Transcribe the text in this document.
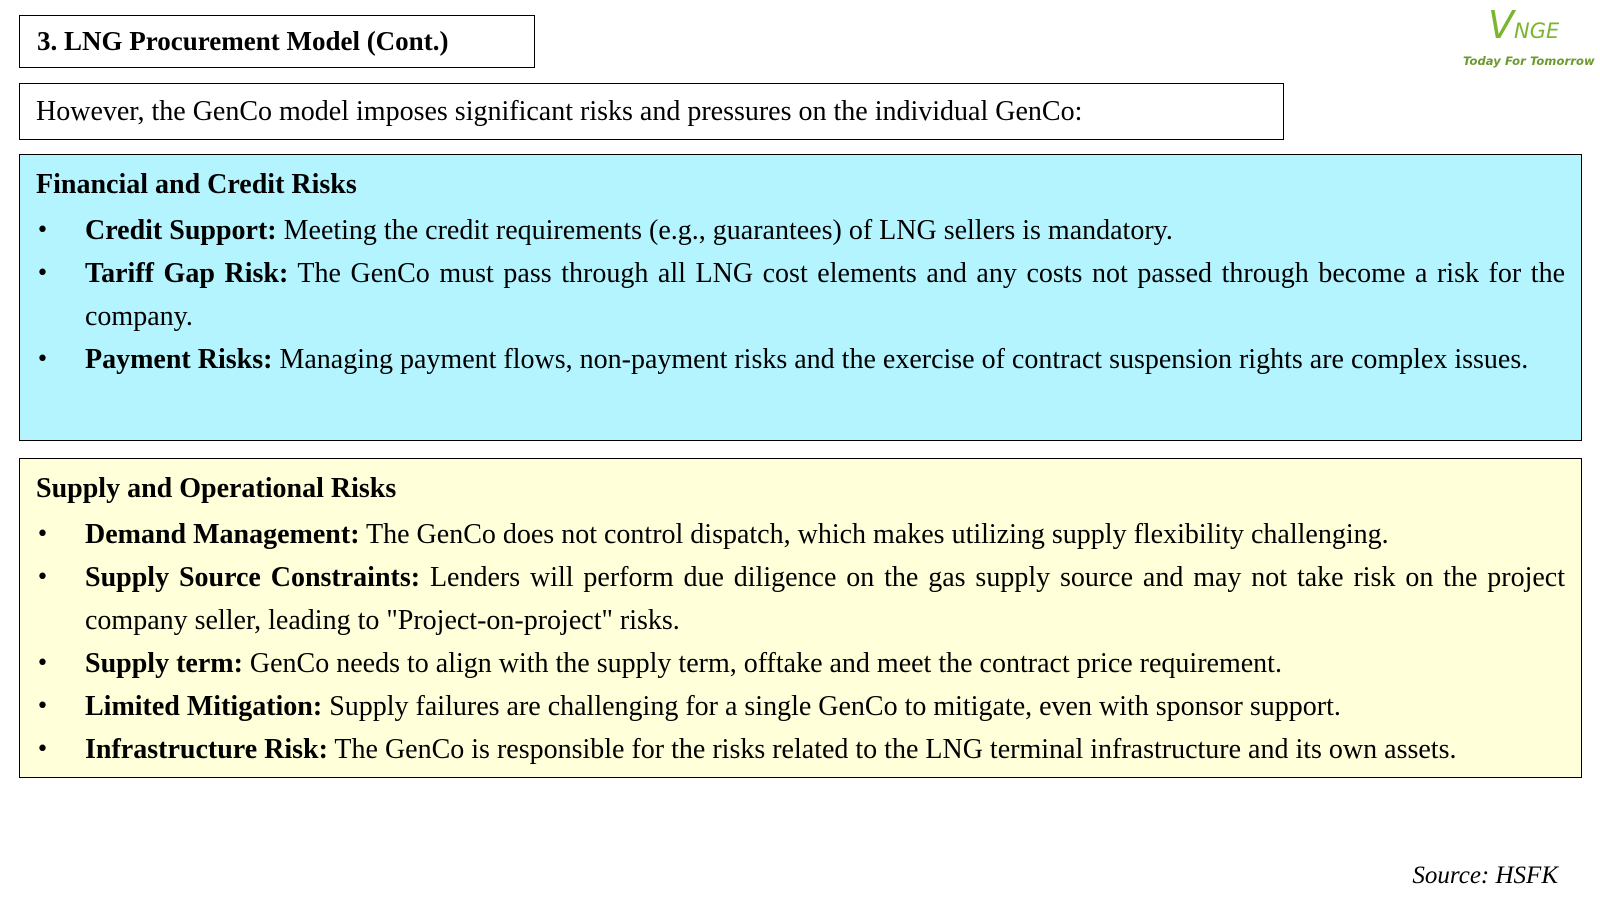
3. LNG Procurement Model (Cont.)	VNGE
Today For Tomorrow
However, the GenCo model imposes significant risks and pressures on the individual GenCo:
Financial and Credit Risks
• Credit Support: Meeting the credit requirements (e.g., guarantees) of LNG sellers is mandatory.
• Tariff Gap Risk: The GenCo must pass through all LNG cost elements and any costs not passed through become a risk for the company.
• Payment Risks: Managing payment flows, non-payment risks and the exercise of contract suspension rights are complex issues.
Supply and Operational Risks
• Demand Management: The GenCo does not control dispatch, which makes utilizing supply flexibility challenging.
• Supply Source Constraints: Lenders will perform due diligence on the gas supply source and may not take risk on the project company seller, leading to "Project-on-project" risks.
• Supply term: GenCo needs to align with the supply term, offtake and meet the contract price requirement.
• Limited Mitigation: Supply failures are challenging for a single GenCo to mitigate, even with sponsor support.
• Infrastructure Risk: The GenCo is responsible for the risks related to the LNG terminal infrastructure and its own assets.
Source: HSFK
